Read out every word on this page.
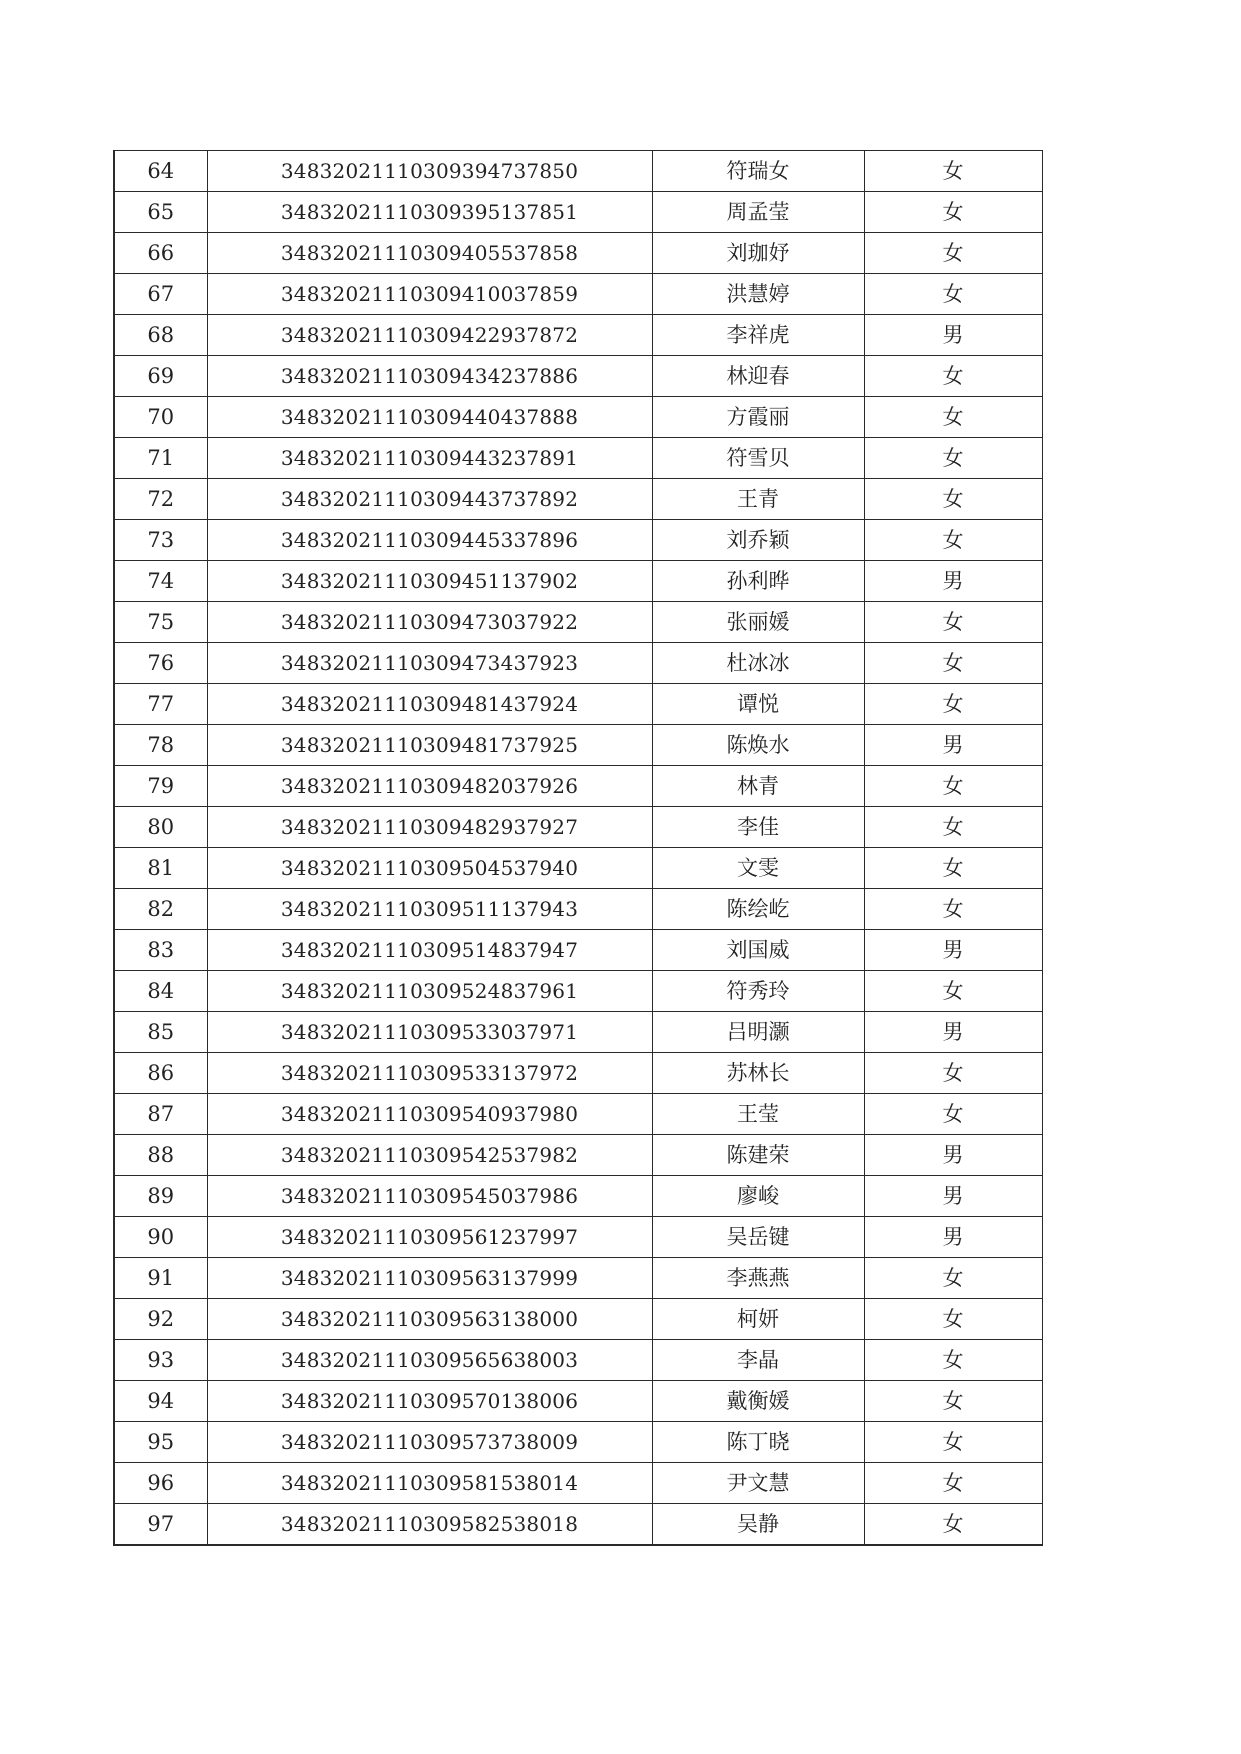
64	34832021110309394737850	符瑞女	女
65	34832021110309395137851	周孟莹	女
66	34832021110309405537858	刘珈妤	女
67	34832021110309410037859	洪慧婷	女
68	34832021110309422937872	李祥虎	男
69	34832021110309434237886	林迎春	女
70	34832021110309440437888	方霞丽	女
71	34832021110309443237891	符雪贝	女
72	34832021110309443737892	王青	女
73	34832021110309445337896	刘乔颖	女
74	34832021110309451137902	孙利晔	男
75	34832021110309473037922	张丽媛	女
76	34832021110309473437923	杜冰冰	女
77	34832021110309481437924	谭悦	女
78	34832021110309481737925	陈焕水	男
79	34832021110309482037926	林青	女
80	34832021110309482937927	李佳	女
81	34832021110309504537940	文雯	女
82	34832021110309511137943	陈绘屹	女
83	34832021110309514837947	刘国威	男
84	34832021110309524837961	符秀玲	女
85	34832021110309533037971	吕明灏	男
86	34832021110309533137972	苏林长	女
87	34832021110309540937980	王莹	女
88	34832021110309542537982	陈建荣	男
89	34832021110309545037986	廖峻	男
90	34832021110309561237997	吴岳键	男
91	34832021110309563137999	李燕燕	女
92	34832021110309563138000	柯妍	女
93	34832021110309565638003	李晶	女
94	34832021110309570138006	戴衡媛	女
95	34832021110309573738009	陈丁晓	女
96	34832021110309581538014	尹文慧	女
97	34832021110309582538018	吴静	女
